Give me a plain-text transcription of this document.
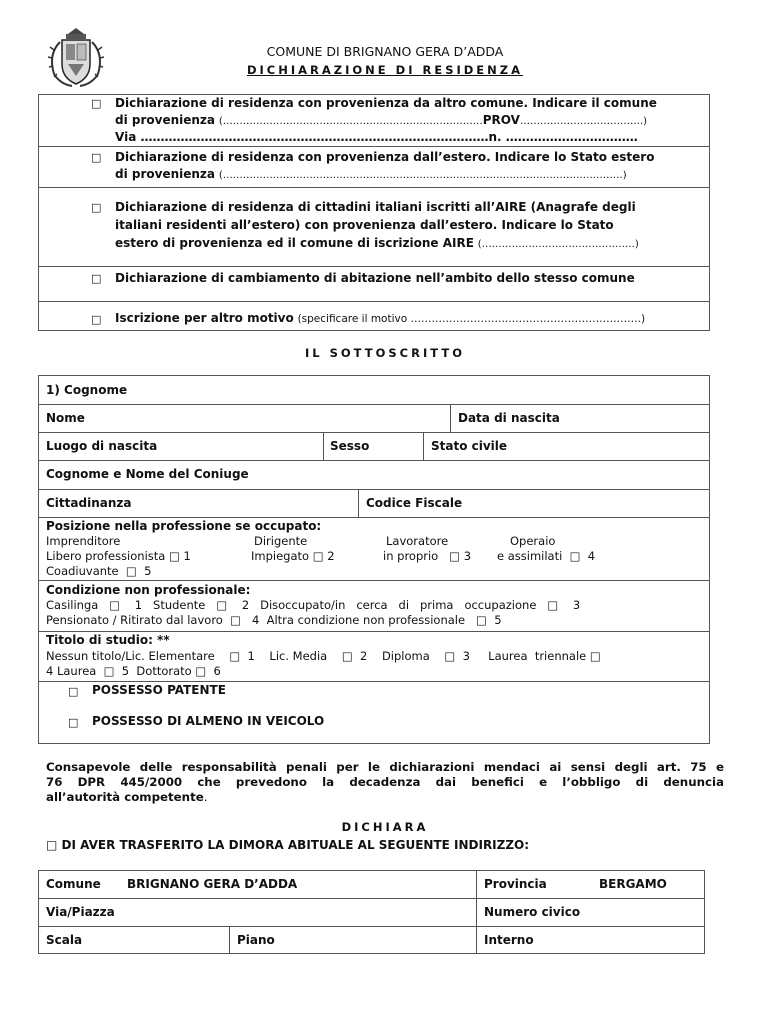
COMUNE DI BRIGNANO GERA D’ADDA
DICHIARAZIONE DI RESIDENZA
□ Dichiarazione di residenza con provenienza da altro comune. Indicare il comune
di provenienza (……………………………………………………………………PROV……………………………….)
Via ……………………………………………………………………………n. ……………………………
□ Dichiarazione di residenza con provenienza dall’estero. Indicare lo Stato estero
di provenienza (…………………………………………………………………………………………………………)
□ Dichiarazione di residenza di cittadini italiani iscritti all’AIRE (Anagrafe degli
italiani residenti all’estero) con provenienza dall’estero. Indicare lo Stato
estero di provenienza ed il comune di iscrizione AIRE (……………………………………….)
□ Dichiarazione di cambiamento di abitazione nell’ambito dello stesso comune
□ Iscrizione per altro motivo (specificare il motivo ………………………..……………………………….)
IL SOTTOSCRITTO
1) Cognome
Nome	Data di nascita
Luogo di nascita	Sesso	Stato civile
Cognome e Nome del Coniuge
Cittadinanza	Codice Fiscale
Posizione nella professione se occupato:
Imprenditore	Dirigente	Lavoratore	Operaio
Libero professionista □ 1	Impiegato □ 2	in proprio   □ 3 e assimilati  □  4
Coadiuvante  □  5
Condizione non professionale:
Casilinga   □    1   Studente   □    2   Disoccupato/in   cerca   di   prima   occupazione   □    3
Pensionato / Ritirato dal lavoro  □   4  Altra condizione non professionale   □  5
Titolo di studio: **
Nessun titolo/Lic. Elementare    □  1    Lic. Media    □  2    Diploma    □  3     Laurea  triennale □
4 Laurea  □  5  Dottorato □  6
□ POSSESSO PATENTE
□ POSSESSO DI ALMENO IN VEICOLO
Consapevole delle responsabilità penali per le dichiarazioni mendaci ai sensi degli art. 75 e
76 DPR 445/2000 che prevedono la decadenza dai benefici e l’obbligo di denuncia
all’autorità competente.
DICHIARA
□ DI AVER TRASFERITO LA DIMORA ABITUALE AL SEGUENTE INDIRIZZO:
Comune BRIGNANO GERA D’ADDA	Provincia	BERGAMO
Via/Piazza	Numero civico
Scala	Piano	Interno
